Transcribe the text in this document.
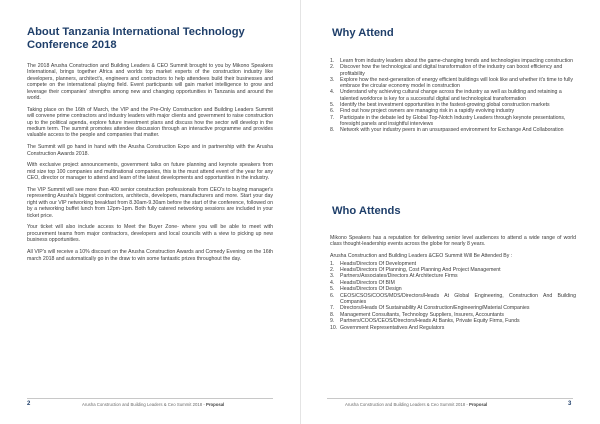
About Tanzania International Technology Conference 2018

The 2018 Arusha Construction and Building Leaders & CEO Summit brought to you by Mikono Speakers International, brings together Africa and worlds top market experts of the construction industry like developers, planners, architect's, engineers and contractors to help attendees build their businesses and compete on the international playing field. Event participants will gain market intelligence to grow and leverage their companies' strengths among new and changing opportunities in Tanzania and around the world.

Taking place on the 16th of March, the VIP and the Pre-Only Construction and Building Leaders Summit will convene prime contractors and industry leaders with major clients and government to raise construction up to the political agenda, explore future investment plans and discuss how the sector will develop in the medium term. The summit promotes attendee discussion through an interactive programme and provides valuable access to the people and companies that matter.

The Summit will go hand in hand with the Arusha Construction Expo and in partnership with the Arusha Construction Awards 2018.

With exclusive project announcements, government talks on future planning and keynote speakers from mid size top 100 companies and multinational companies, this is the must attend event of the year for any CEO, director or manager to attend and learn of the latest developments and opportunities in the industry.

The VIP Summit will see more than 400 senior construction professionals from CEO's to buying manager's representing Arusha's biggest contractors, architects, developers, manufacturers and more. Start your day right with our VIP networking breakfast from 8.30am-9.30am before the start of the conference, followed on by a networking buffet lunch from 12pm-1pm. Both fully catered networking sessions are included in your ticket price.

Your ticket will also include access to Meet the Buyer Zone- where you will be able to meet with procurement teams from major contractors, developers and local councils with a view to picking up new business opportunities.

All VIP's will receive a 10% discount on the Arusha Construction Awards and Comedy Evening on the 16th march 2018 and automatically go in the draw to win some fantastic prizes throughout the day.

2	Arusha Construction and Building Leaders & Ceo Summit 2018 - Proposal
Why Attend
1.	Learn from industry leaders about the game-changing trends and technologies impacting construction
2.	Discover how the technological and digital transformation of the industry can boost efficiency and profitability
3.	Explore how the next-generation of energy efficient buildings will look like and whether it's time to fully embrace the circular economy model in construction
4.	Understand why achieving cultural change across the industry as well as building and retaining a talented workforce is key for a successful digital and technological transformation
5.	Identify the best investment opportunities in the fastest-growing global construction markets
6.	Find out how project owners are managing risk in a rapidly evolving industry
7.	Participate in the debate led by Global Top-Notch Industry Leaders through keynote presentations, foresight panels and insightful interviews
8.	Network with your industry peers in an unsurpassed environment for Exchange And Collaboration
Who Attends

Mikono Speakers has a reputation for delivering senior level audiences to attend a wide range of world class thought-leadership events across the globe for nearly 8 years.

Arusha Construction and Building Leaders &CEO Summit Will Be Attended By :

1.	Heads/Directors Of Development
2.	Heads/Directors Of Planning, Cost Planning And Project Management
3.	Partners/Associates/Directors At Architecture Firms
4.	Heads/Directors Of BIM
5.	Heads/Directors Of Design
6.	CEOS/CSOS/COOS/MDS/Directors/Heads At Global Engineering, Construction And Building Companies
7.	Directors/Heads Of Sustainability At Construction/Engineering/Material Companies
8.	Management Consultants, Technology Suppliers, Insurers, Accountants
9.	Partners/COOS/CEOS/Directors/Heads At Banks, Private Equity Firms, Funds
10. Government Representatives And Regulators
Arusha Construction and Building Leaders & Ceo Summit 2018 - Proposal	3
